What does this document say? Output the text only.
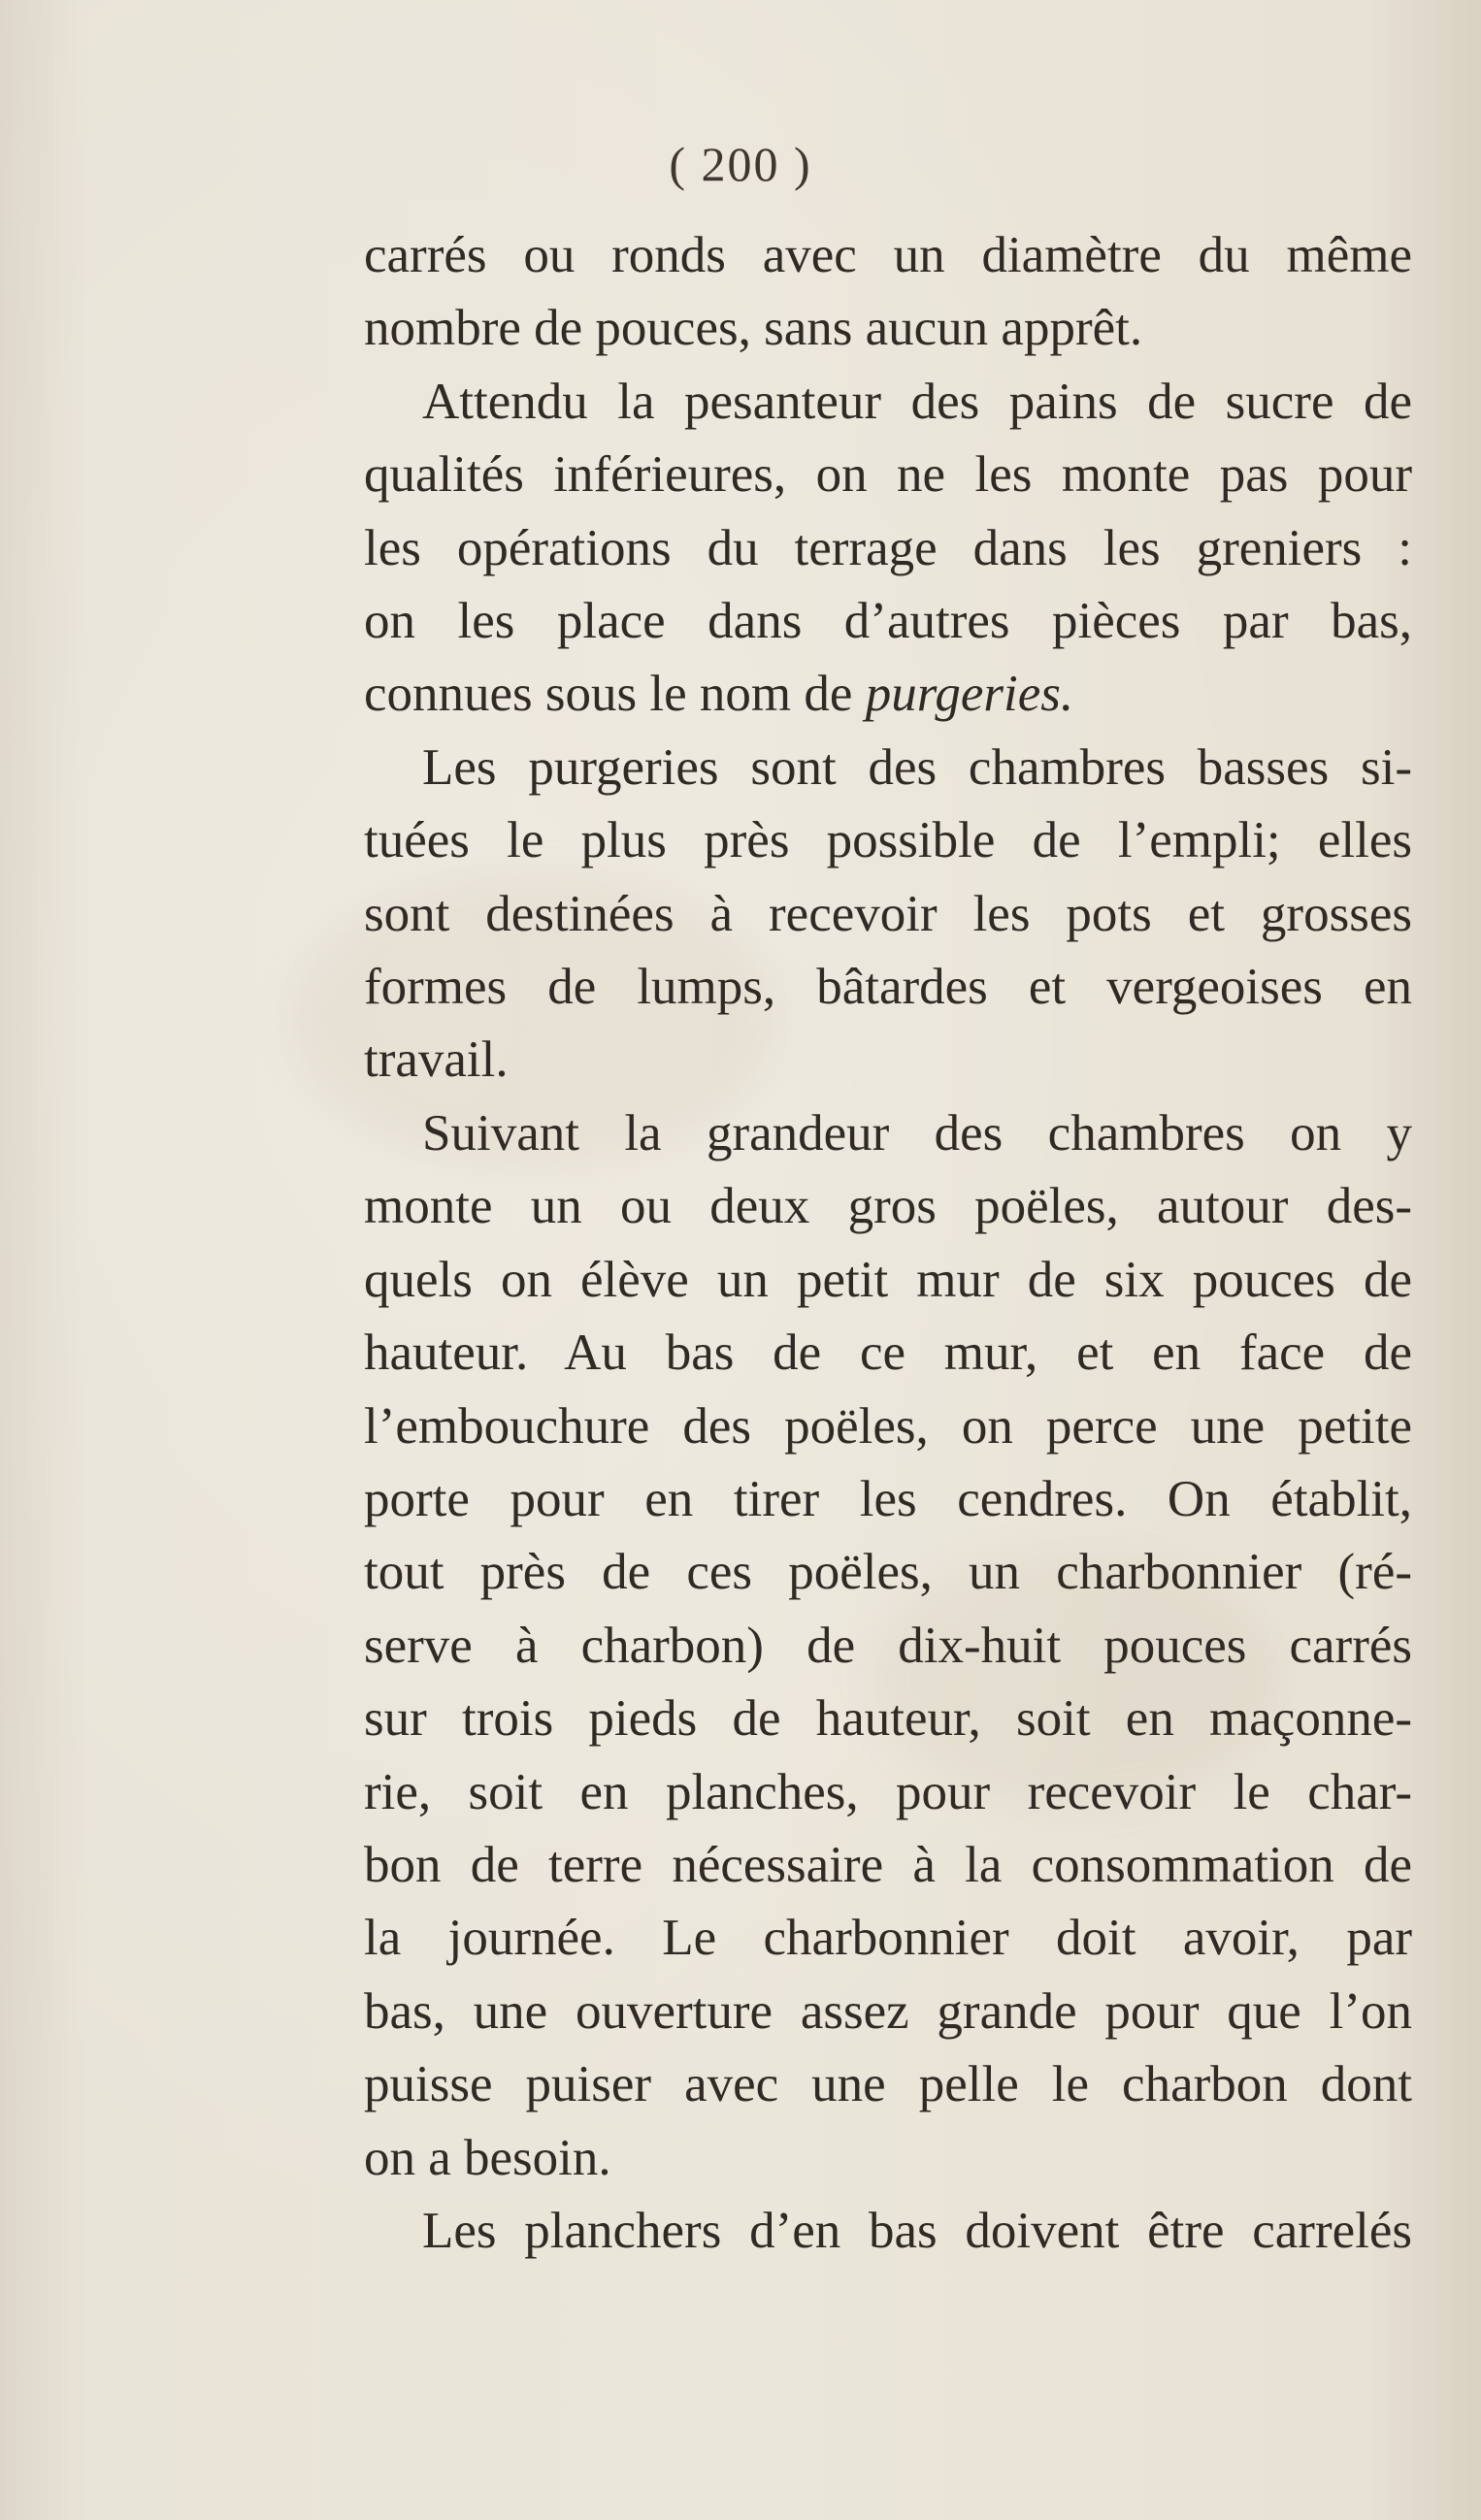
( 200 )

carrés ou ronds avec un diamètre du même
nombre de pouces, sans aucun apprêt.

Attendu la pesanteur des pains de sucre de
qualités inférieures, on ne les monte pas pour
les opérations du terrage dans les greniers :
on les place dans d’autres pièces par bas,
connues sous le nom de purgeries.

Les purgeries sont des chambres basses si-
tuées le plus près possible de l’empli; elles
sont destinées à recevoir les pots et grosses
formes de lumps, bâtardes et vergeoises en
travail.

Suivant la grandeur des chambres on y
monte un ou deux gros poëles, autour des-
quels on élève un petit mur de six pouces de
hauteur. Au bas de ce mur, et en face de
l’embouchure des poëles, on perce une petite
porte pour en tirer les cendres. On établit,
tout près de ces poëles, un charbonnier (ré-
serve à charbon) de dix-huit pouces carrés
sur trois pieds de hauteur, soit en maçonne-
rie, soit en planches, pour recevoir le char-
bon de terre nécessaire à la consommation de
la journée. Le charbonnier doit avoir, par
bas, une ouverture assez grande pour que l’on
puisse puiser avec une pelle le charbon dont
on a besoin.

Les planchers d’en bas doivent être carrelés
